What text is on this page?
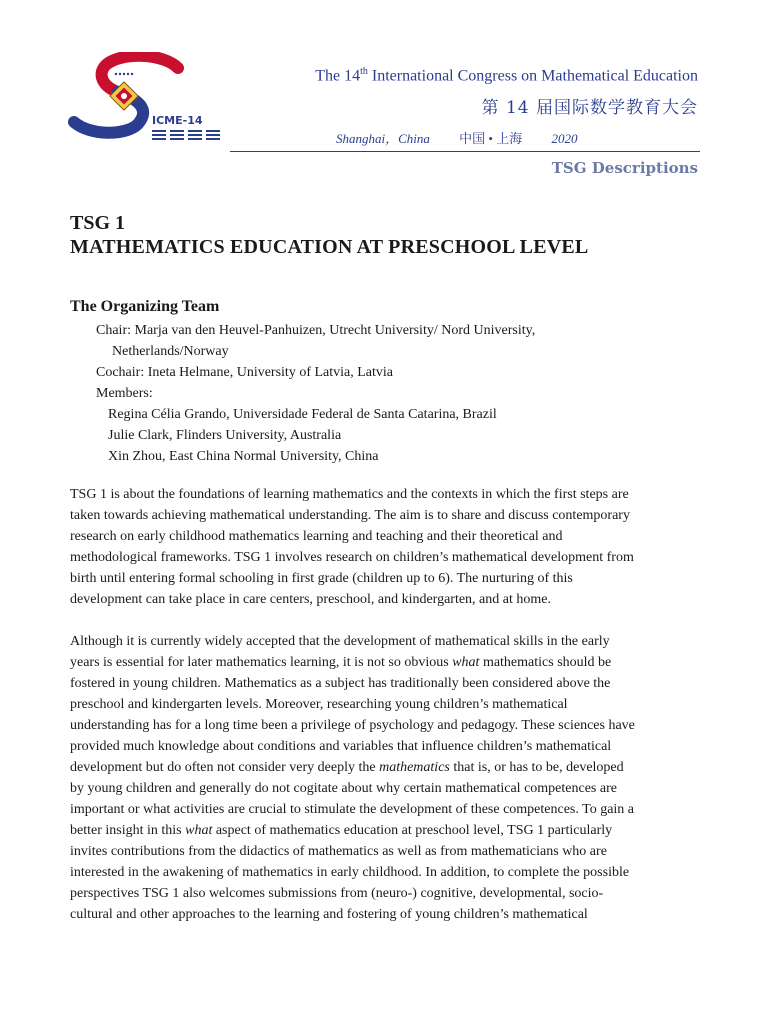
ICME-14
The 14th International Congress on Mathematical Education
第 14 届国际数学教育大会
Shanghai，China 中国 • 上海 2020
TSG Descriptions
TSG 1
MATHEMATICS EDUCATION AT PRESCHOOL LEVEL
The Organizing Team
Chair: Marja van den Heuvel-Panhuizen, Utrecht University/ Nord University,
Netherlands/Norway
Cochair: Ineta Helmane, University of Latvia, Latvia
Members:
Regina Célia Grando, Universidade Federal de Santa Catarina, Brazil
Julie Clark, Flinders University, Australia
Xin Zhou, East China Normal University, China
TSG 1 is about the foundations of learning mathematics and the contexts in which the first steps are
taken towards achieving mathematical understanding. The aim is to share and discuss contemporary
research on early childhood mathematics learning and teaching and their theoretical and
methodological frameworks. TSG 1 involves research on children’s mathematical development from
birth until entering formal schooling in first grade (children up to 6). The nurturing of this
development can take place in care centers, preschool, and kindergarten, and at home.
Although it is currently widely accepted that the development of mathematical skills in the early
years is essential for later mathematics learning, it is not so obvious what mathematics should be
fostered in young children. Mathematics as a subject has traditionally been considered above the
preschool and kindergarten levels. Moreover, researching young children’s mathematical
understanding has for a long time been a privilege of psychology and pedagogy. These sciences have
provided much knowledge about conditions and variables that influence children’s mathematical
development but do often not consider very deeply the mathematics that is, or has to be, developed
by young children and generally do not cogitate about why certain mathematical competences are
important or what activities are crucial to stimulate the development of these competences. To gain a
better insight in this what aspect of mathematics education at preschool level, TSG 1 particularly
invites contributions from the didactics of mathematics as well as from mathematicians who are
interested in the awakening of mathematics in early childhood. In addition, to complete the possible
perspectives TSG 1 also welcomes submissions from (neuro-) cognitive, developmental, socio-
cultural and other approaches to the learning and fostering of young children’s mathematical
